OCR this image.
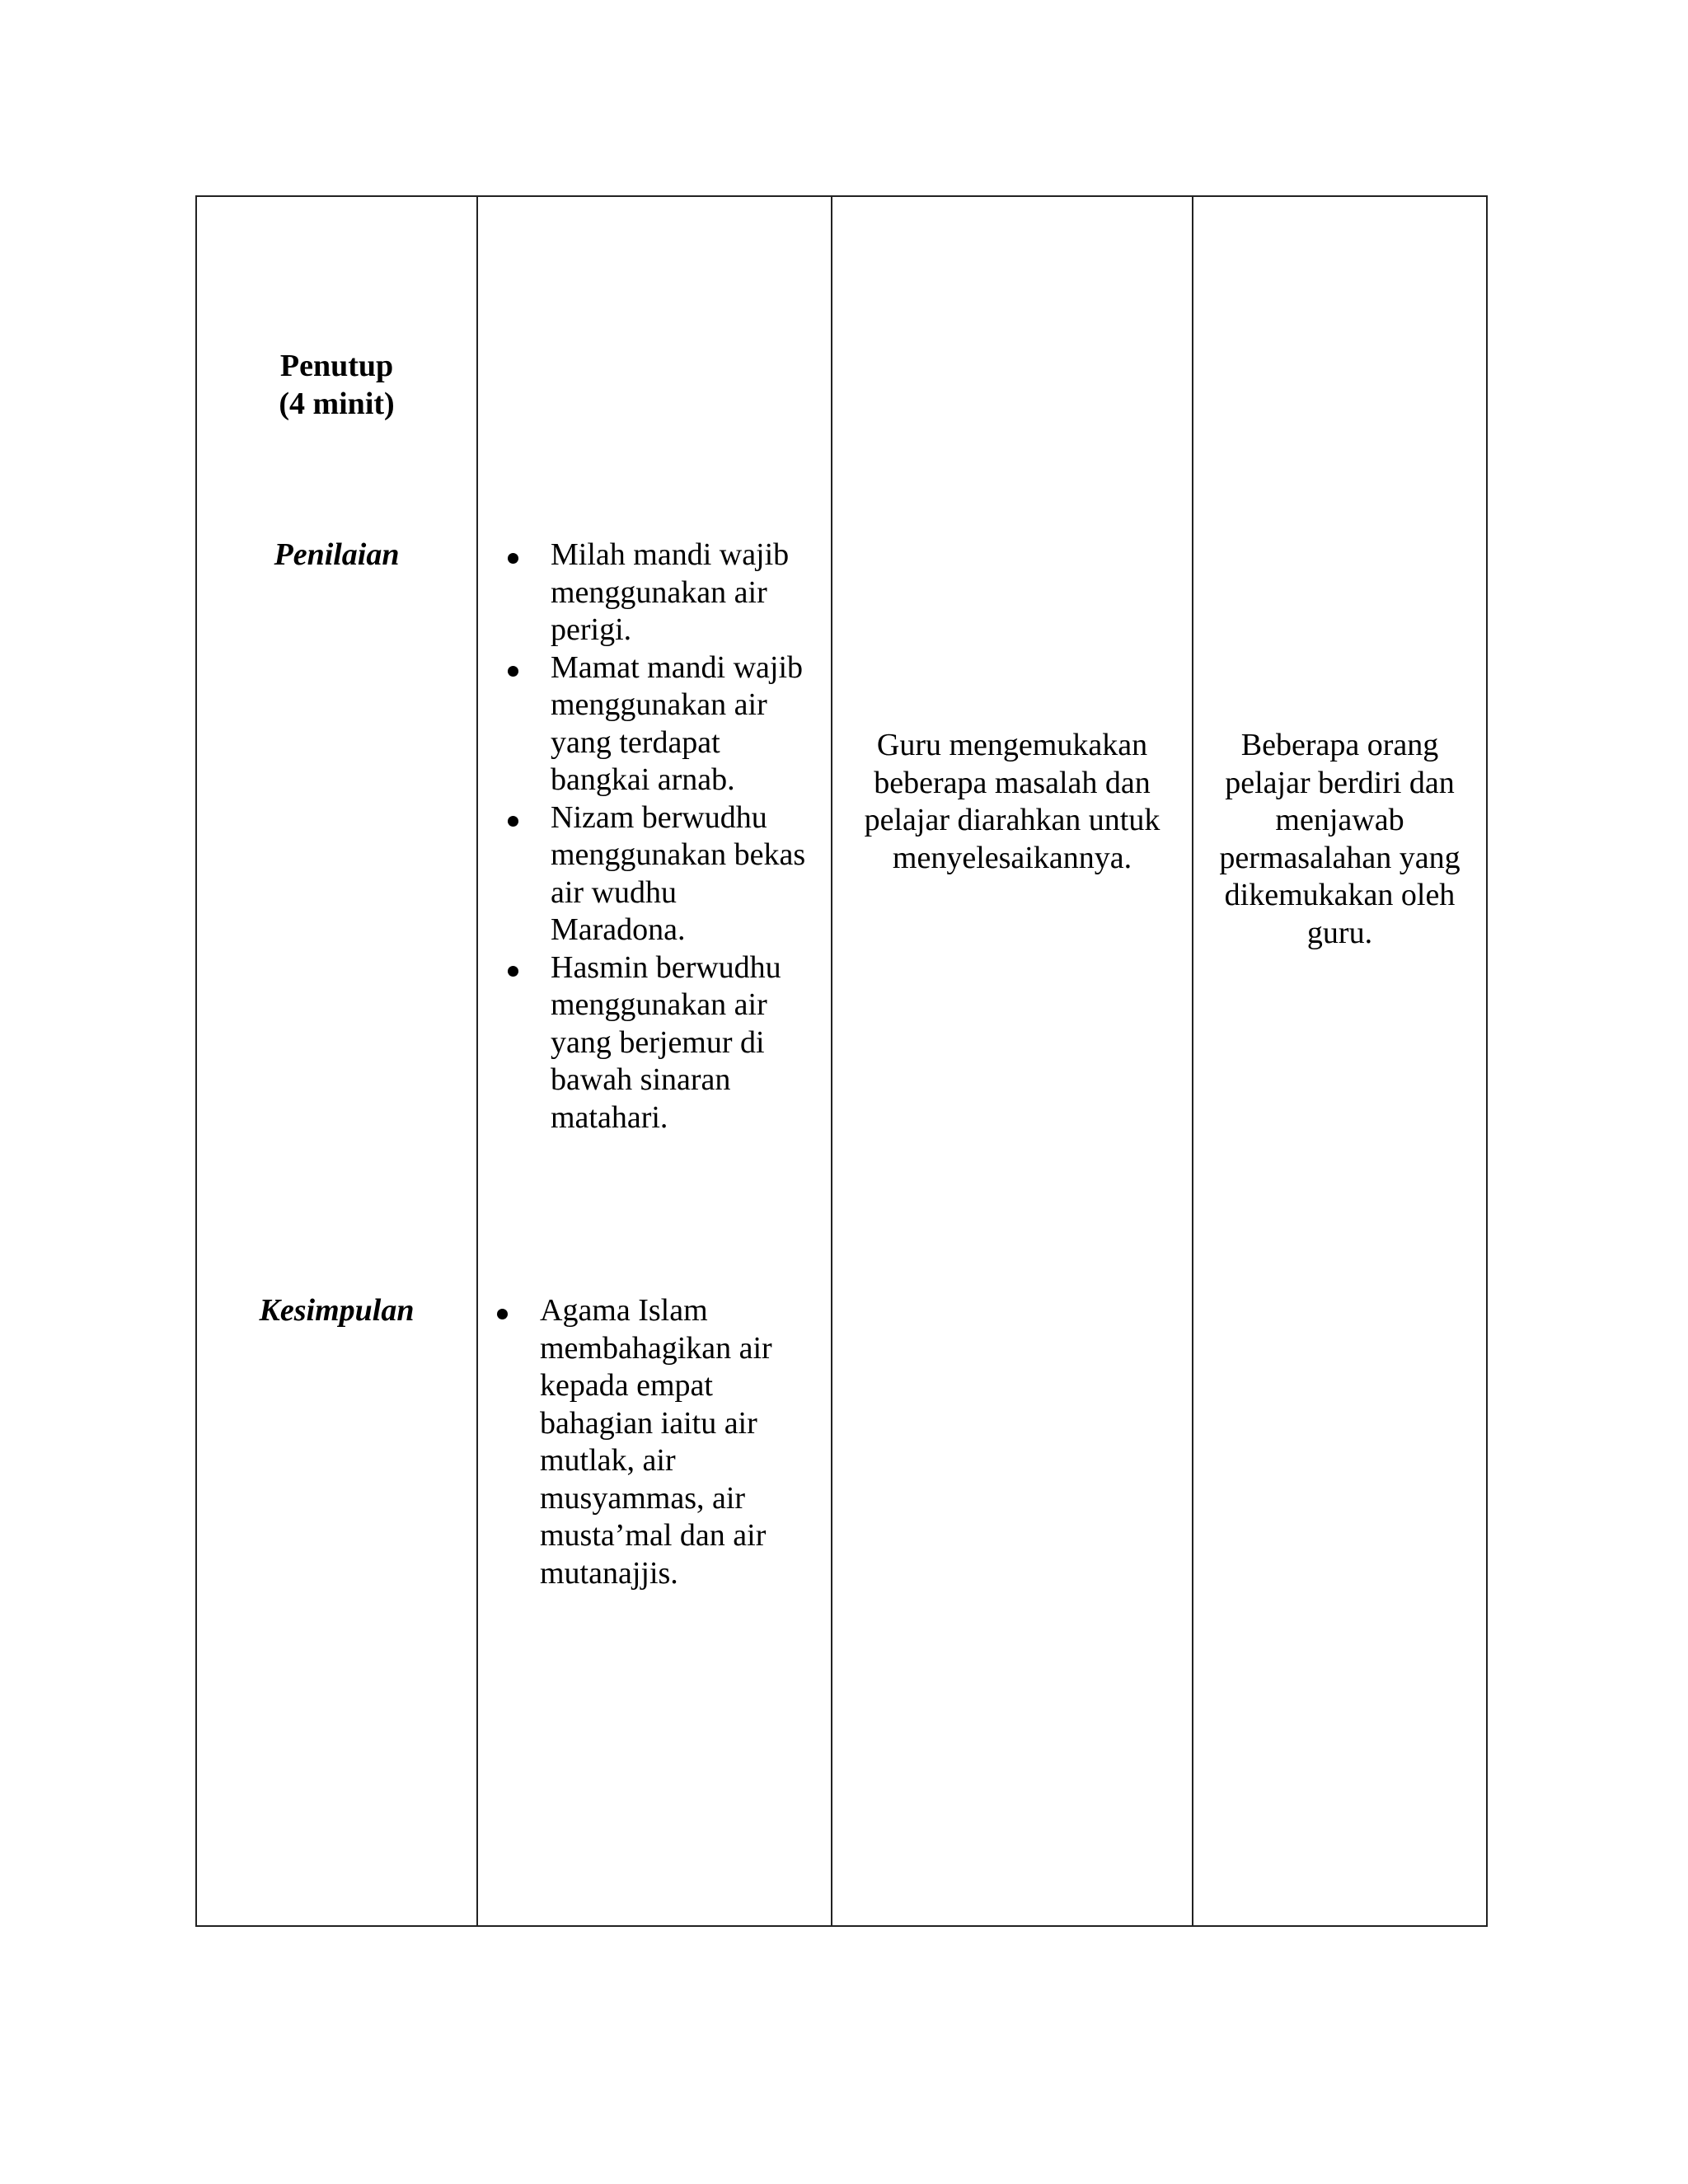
Penutup
(4 minit)
Penilaian
Kesimpulan
Milah mandi wajib
menggunakan air
perigi.
Mamat mandi wajib
menggunakan air
yang terdapat
bangkai arnab.
Nizam berwudhu
menggunakan bekas
air wudhu
Maradona.
Hasmin berwudhu
menggunakan air
yang berjemur di
bawah sinaran
matahari.
Agama Islam
membahagikan air
kepada empat
bahagian iaitu air
mutlak, air
musyammas, air
musta’mal dan air
mutanajjis.
Guru mengemukakan
beberapa masalah dan
pelajar diarahkan untuk
menyelesaikannya.
Beberapa orang
pelajar berdiri dan
menjawab
permasalahan yang
dikemukakan oleh
guru.
